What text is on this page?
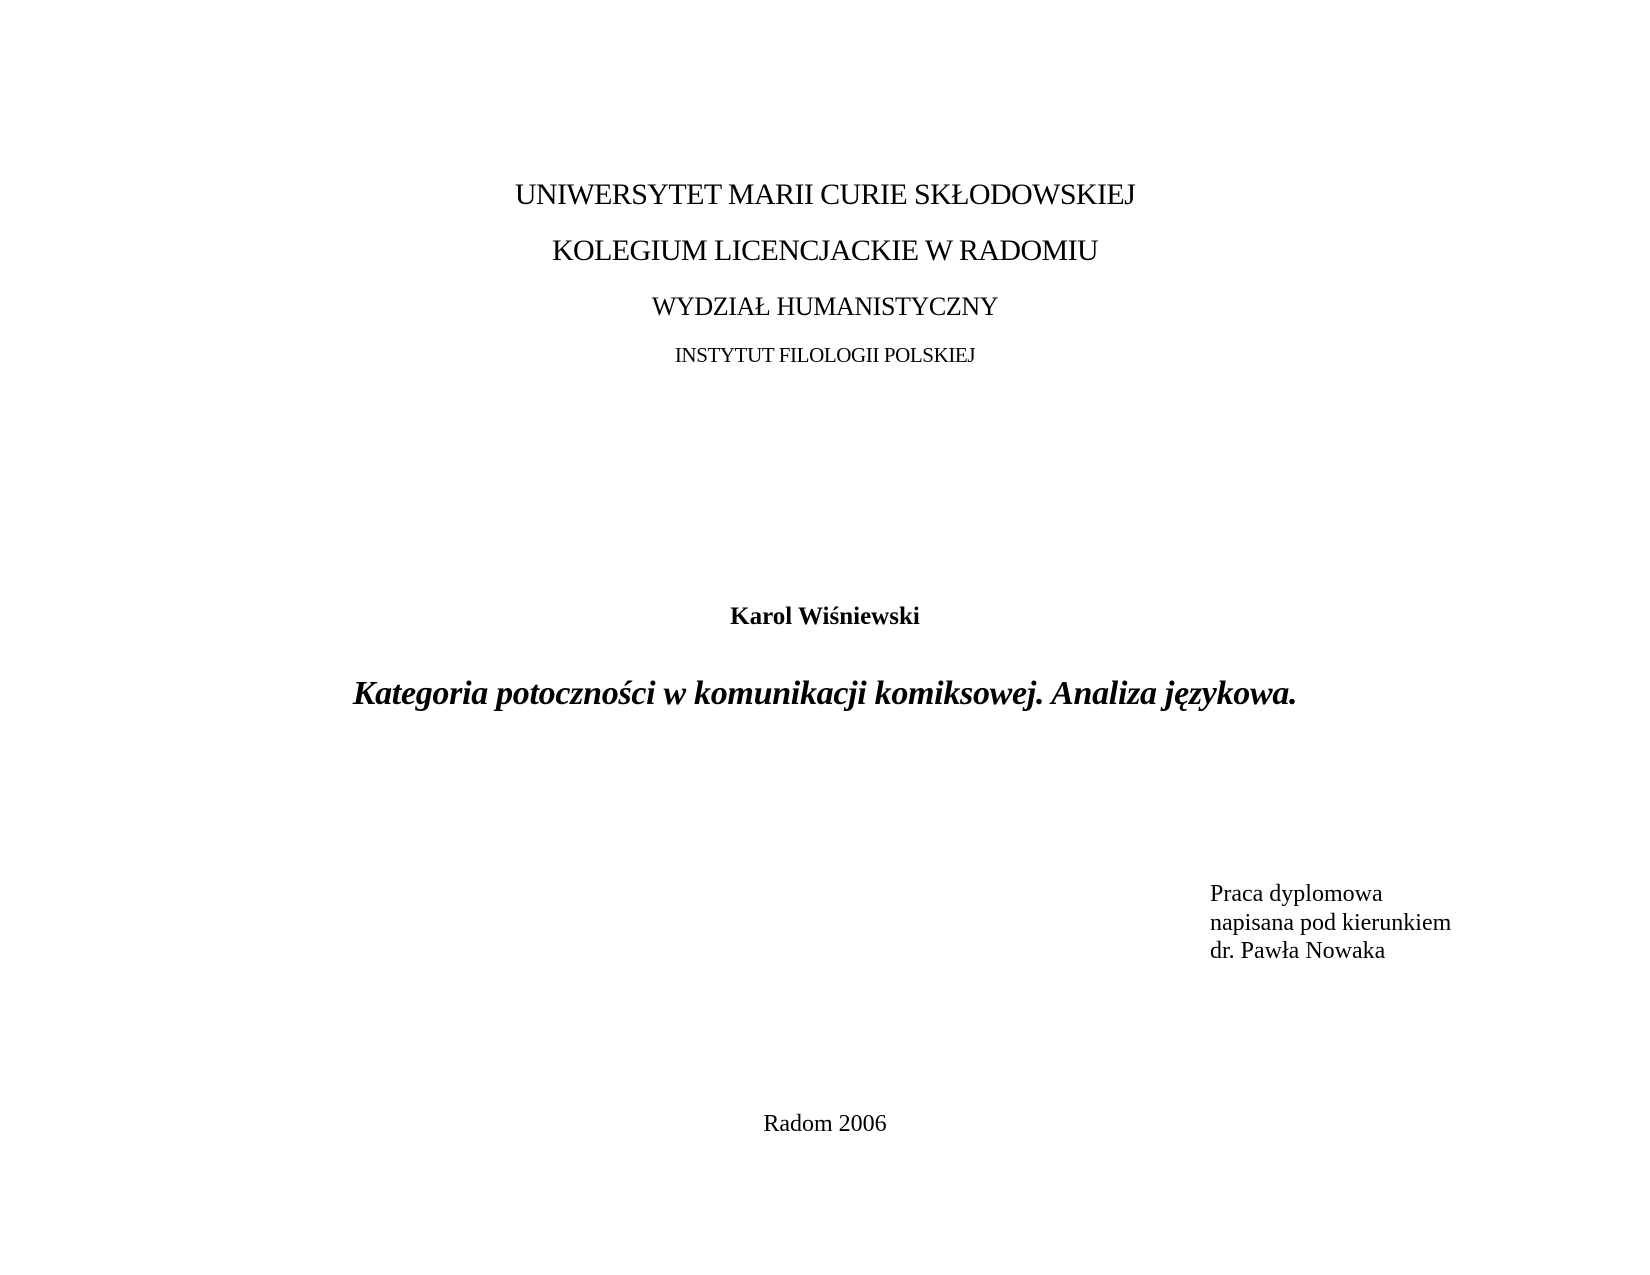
UNIWERSYTET MARII CURIE SKŁODOWSKIEJ
KOLEGIUM LICENCJACKIE W RADOMIU
WYDZIAŁ HUMANISTYCZNY
INSTYTUT FILOLOGII POLSKIEJ
Karol Wiśniewski
Kategoria potoczności w komunikacji komiksowej. Analiza językowa.
Praca dyplomowa
napisana pod kierunkiem
dr. Pawła Nowaka
Radom 2006
